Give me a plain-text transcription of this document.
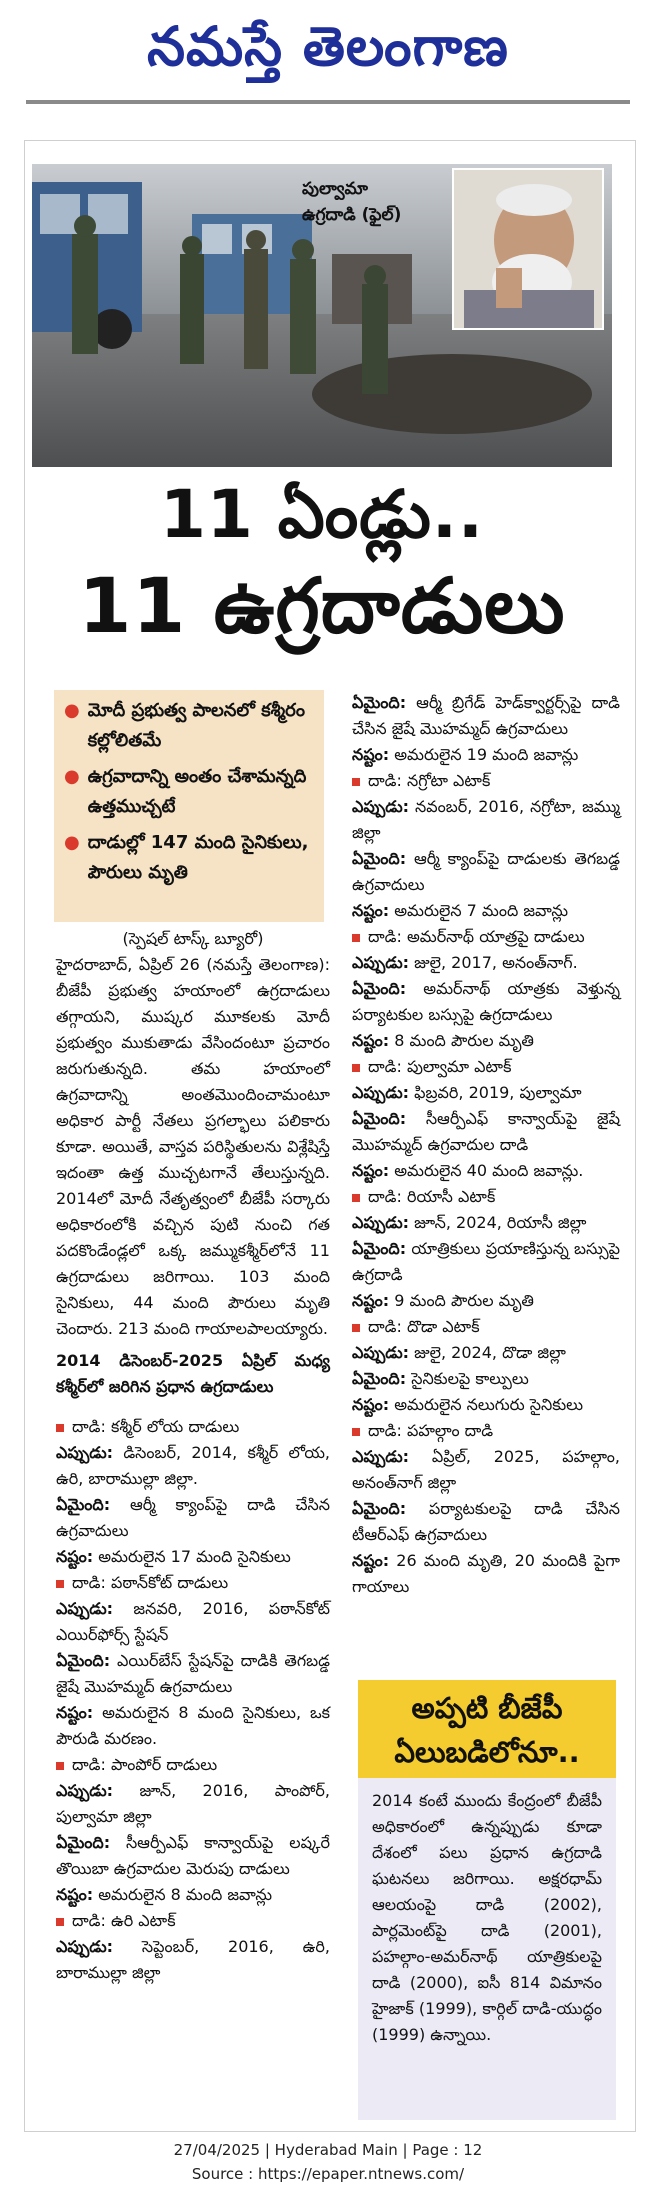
నమస్తే తెలంగాణ
పుల్వామా
ఉగ్రదాడి (ఫైల్)
11 ఏండ్లు..
11 ఉగ్రదాడులు
● మోదీ ప్రభుత్వ పాలనలో కశ్మీరం కల్లోలితమే
● ఉగ్రవాదాన్ని అంతం చేశామన్నది ఉత్తముచ్చటే
● దాడుల్లో 147 మంది సైనికులు, పౌరులు మృతి

(స్పెషల్ టాస్క్ బ్యూరో)

హైదరాబాద్, ఏప్రిల్ 26 (నమస్తే తెలంగాణ): బీజేపీ ప్రభుత్వ హయాంలో ఉగ్రదాడులు తగ్గాయని, ముష్కర మూకలకు మోదీ ప్రభుత్వం ముకుతాడు వేసిందంటూ ప్రచారం జరుగుతున్నది. తమ హయాంలో ఉగ్రవాదాన్ని అంతమొందించామంటూ అధికార పార్టీ నేతలు ప్రగల్భాలు పలికారు కూడా. అయితే, వాస్తవ పరిస్థితులను విశ్లేషిస్తే ఇదంతా ఉత్త ముచ్చటగానే తేలుస్తున్నది. 2014లో మోదీ నేతృత్వంలో బీజేపీ సర్కారు అధికారంలోకి వచ్చిన పుటి నుంచి గత పదకొండేండ్లలో ఒక్క జమ్ముకశ్మీర్‌లోనే 11 ఉగ్రదాడులు జరిగాయి. 103 మంది సైనికులు, 44 మంది పౌరులు మృతి చెందారు. 213 మంది గాయాలపాలయ్యారు.

2014 డిసెంబర్-2025 ఏప్రిల్ మధ్య కశ్మీర్‌లో జరిగిన ప్రధాన ఉగ్రదాడులు

దాడి: కశ్మీర్ లోయ దాడులు

ఎప్పుడు: డిసెంబర్, 2014, కశ్మీర్ లోయ, ఉరి, బారాముల్లా జిల్లా.

ఏమైంది: ఆర్మీ క్యాంప్‌పై దాడి చేసిన ఉగ్రవాదులు

నష్టం: అమరులైన 17 మంది సైనికులు

దాడి: పఠాన్‌కోట్ దాడులు

ఎప్పుడు: జనవరి, 2016, పఠాన్‌కోట్ ఎయిర్‌ఫోర్స్ స్టేషన్

ఏమైంది: ఎయిర్‌బేస్ స్టేషన్‌పై దాడికి తెగబడ్డ జైషే మొహమ్మద్ ఉగ్రవాదులు

నష్టం: అమరులైన 8 మంది సైనికులు, ఒక పౌరుడి మరణం.

దాడి: పాంపోర్ దాడులు

ఎప్పుడు: జూన్, 2016, పాంపోర్, పుల్వామా జిల్లా

ఏమైంది: సీఆర్పీఎఫ్ కాన్వాయ్‌పై లష్కరే తొయిబా ఉగ్రవాదుల మెరుపు దాడులు

నష్టం: అమరులైన 8 మంది జవాన్లు

దాడి: ఉరి ఎటాక్

ఎప్పుడు: సెప్టెంబర్, 2016, ఉరి, బారాముల్లా జిల్లా

ఏమైంది: ఆర్మీ బ్రిగేడ్ హెడ్‌క్వార్టర్స్‌పై దాడి చేసిన జైషే మొహమ్మద్ ఉగ్రవాదులు

నష్టం: అమరులైన 19 మంది జవాన్లు

దాడి: నగ్రోటా ఎటాక్

ఎప్పుడు: నవంబర్, 2016, నగ్రోటా, జమ్ము జిల్లా

ఏమైంది: ఆర్మీ క్యాంప్‌పై దాడులకు తెగబడ్డ ఉగ్రవాదులు

నష్టం: అమరులైన 7 మంది జవాన్లు

దాడి: అమర్‌నాథ్ యాత్రపై దాడులు

ఎప్పుడు: జులై, 2017, అనంత్‌నాగ్.

ఏమైంది: అమర్‌నాథ్ యాత్రకు వెళ్తున్న పర్యాటకుల బస్సుపై ఉగ్రదాడులు

నష్టం: 8 మంది పౌరుల మృతి

దాడి: పుల్వామా ఎటాక్

ఎప్పుడు: ఫిబ్రవరి, 2019, పుల్వామా

ఏమైంది: సీఆర్పీఎఫ్ కాన్వాయ్‌పై జైషే మొహమ్మద్ ఉగ్రవాదుల దాడి

నష్టం: అమరులైన 40 మంది జవాన్లు.

దాడి: రియాసీ ఎటాక్

ఎప్పుడు: జూన్, 2024, రియాసీ జిల్లా

ఏమైంది: యాత్రికులు ప్రయాణిస్తున్న బస్సుపై ఉగ్రదాడి

నష్టం: 9 మంది పౌరుల మృతి

దాడి: దొడా ఎటాక్

ఎప్పుడు: జులై, 2024, దొడా జిల్లా

ఏమైంది: సైనికులపై కాల్పులు

నష్టం: అమరులైన నలుగురు సైనికులు

దాడి: పహల్గాం దాడి

ఎప్పుడు: ఏప్రిల్, 2025, పహల్గాం, అనంత్‌నాగ్ జిల్లా

ఏమైంది: పర్యాటకులపై దాడి చేసిన టీఆర్‌ఎఫ్ ఉగ్రవాదులు

నష్టం: 26 మంది మృతి, 20 మందికి పైగా గాయాలు

అప్పటి బీజేపీ ఏలుబడిలోనూ..
2014 కంటే ముందు కేంద్రంలో బీజేపీ అధికారంలో ఉన్నప్పుడు కూడా దేశంలో పలు ప్రధాన ఉగ్రదాడి ఘటనలు జరిగాయి. అక్షరధామ్ ఆలయంపై దాడి (2002), పార్లమెంట్‌పై దాడి (2001), పహల్గాం-అమర్‌నాథ్ యాత్రికులపై దాడి (2000), ఐసీ 814 విమానం హైజాక్ (1999), కార్గిల్ దాడి-యుద్ధం (1999) ఉన్నాయి.
27/04/2025 | Hyderabad Main | Page : 12
Source : https://epaper.ntnews.com/
